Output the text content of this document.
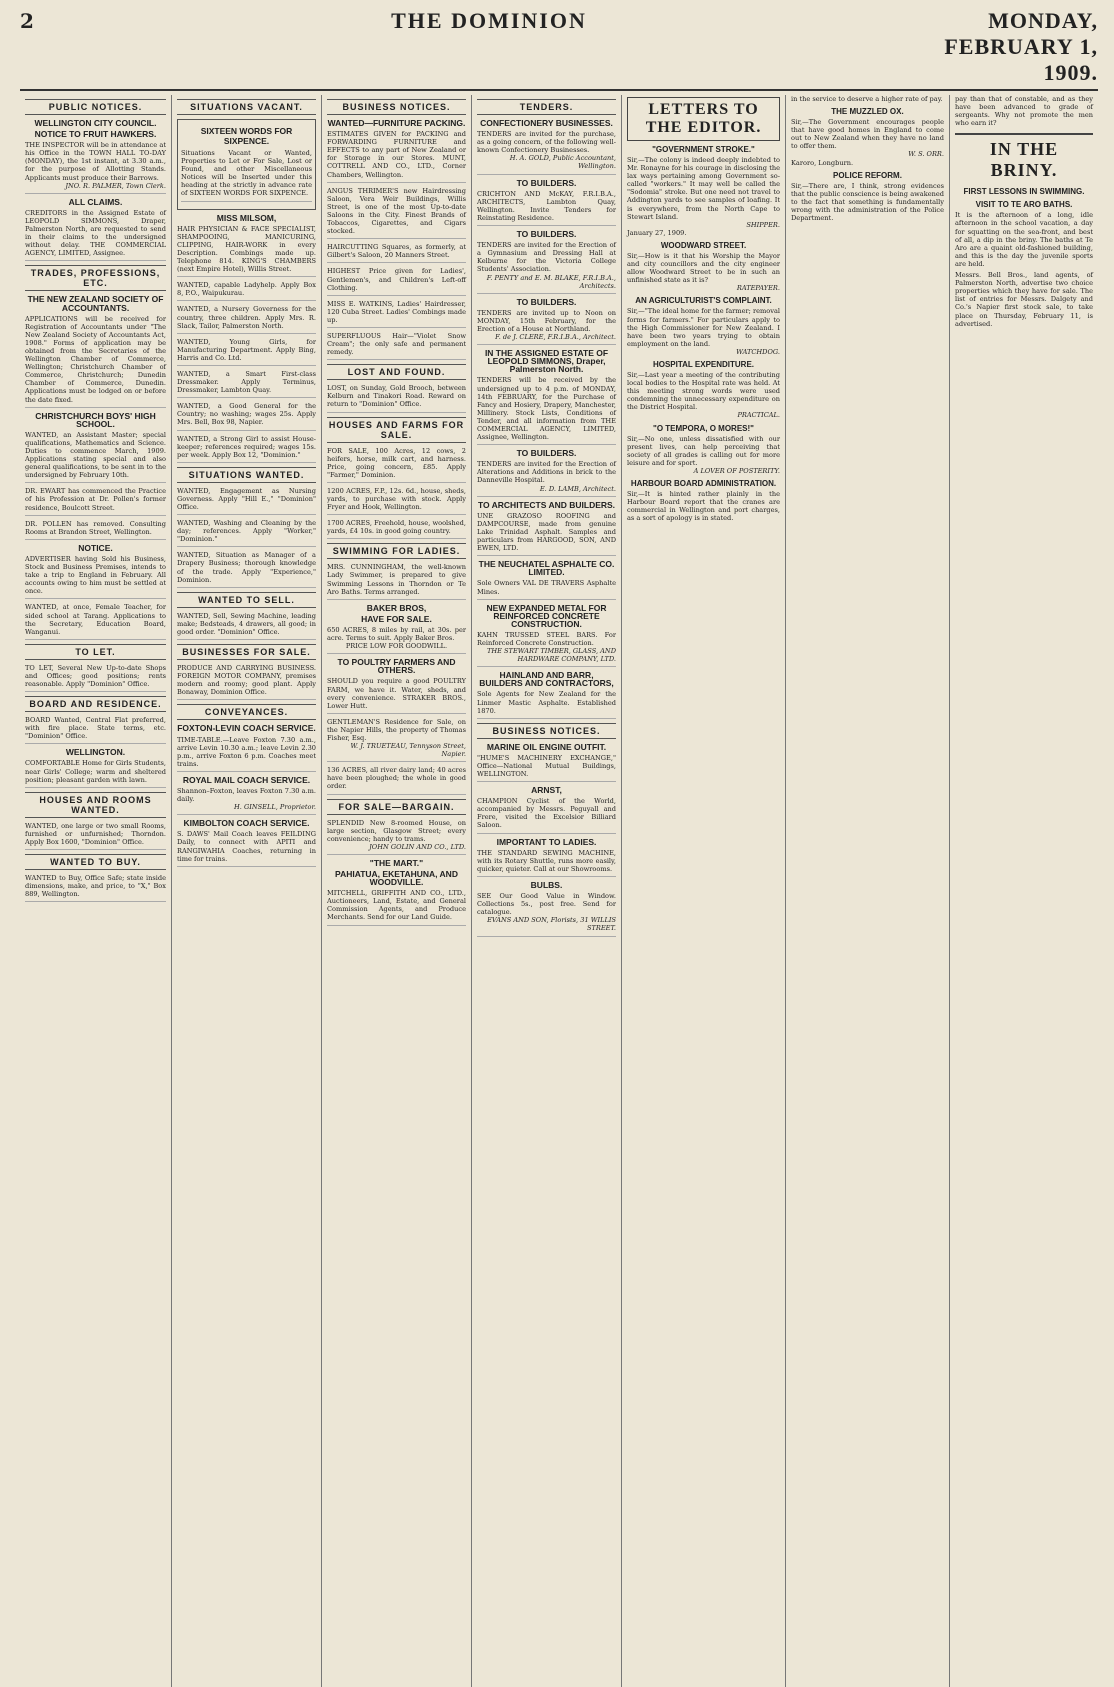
2	THE DOMINION	MONDAY, FEBRUARY 1, 1909.
PUBLIC NOTICES.
WELLINGTON CITY COUNCIL.
NOTICE TO FRUIT HAWKERS.
THE INSPECTOR will be in attendance at his Office in the TOWN HALL TO-DAY (MONDAY), the 1st instant, at 3.30 a.m., for the purpose of Allotting Stands. Applicants must produce their Barrows.
JNO. R. PALMER, Town Clerk.
ALL CLAIMS.
CREDITORS in the Assigned Estate of LEOPOLD SIMMONS, Draper, Palmerston North, are requested to send in their claims to the undersigned without delay. THE COMMERCIAL AGENCY, LIMITED, Assignee.
TRADES, PROFESSIONS, ETC.
THE NEW ZEALAND SOCIETY OF ACCOUNTANTS.
APPLICATIONS will be received for Registration of Accountants under "The New Zealand Society of Accountants Act, 1908." Forms of application may be obtained from the Secretaries of the Wellington Chamber of Commerce, Wellington; Christchurch Chamber of Commerce, Christchurch; Dunedin Chamber of Commerce, Dunedin. Applications must be lodged on or before the date fixed.
CHRISTCHURCH BOYS' HIGH SCHOOL.
WANTED, an Assistant Master; special qualifications, Mathematics and Science. Duties to commence March, 1909. Applications stating special and also general qualifications, to be sent in to the undersigned by February 10th.
DR. EWART has commenced the Practice of his Profession at Dr. Pollen's former residence, Boulcott Street.
DR. POLLEN has removed. Consulting Rooms at Brandon Street, Wellington.
NOTICE.
ADVERTISER having Sold his Business, Stock and Business Premises, intends to take a trip to England in February. All accounts owing to him must be settled at once.
WANTED, at once, Female Teacher, for sided school at Tarang. Applications to the Secretary, Education Board, Wanganui.
TO LET.
TO LET, Several New Up-to-date Shops and Offices; good positions; rents reasonable. Apply "Dominion" Office.
BOARD AND RESIDENCE.
BOARD Wanted, Central Flat preferred, with fire place. State terms, etc. "Dominion" Office.
WELLINGTON.
COMFORTABLE Home for Girls Students, near Girls' College; warm and sheltered position; pleasant garden with lawn.
HOUSES AND ROOMS WANTED.
WANTED, one large or two small Rooms, furnished or unfurnished; Thorndon. Apply Box 1600, "Dominion" Office.
WANTED TO BUY.
WANTED to Buy, Office Safe; state inside dimensions, make, and price, to "X," Box 889, Wellington.
SITUATIONS VACANT.
SIXTEEN WORDS FOR SIXPENCE.
Situations Vacant or Wanted, Properties to Let or For Sale, Lost or Found, and other Miscellaneous Notices will be Inserted under this heading at the strictly in advance rate of SIXTEEN WORDS FOR SIXPENCE.
MISS MILSOM,
HAIR PHYSICIAN & FACE SPECIALIST, SHAMPOOING, MANICURING, CLIPPING, HAIR-WORK in every Description. Combings made up. Telephone 814. KING'S CHAMBERS (next Empire Hotel), Willis Street.
WANTED, capable Ladyhelp. Apply Box 8, P.O., Waipukurau.
WANTED, a Nursery Governess for the country, three children. Apply Mrs. R. Slack, Tailor, Palmerston North.
WANTED, Young Girls, for Manufacturing Department. Apply Bing, Harris and Co. Ltd.
WANTED, a Smart First-class Dressmaker. Apply Terminus, Dressmaker, Lambton Quay.
WANTED, a Good General for the Country; no washing; wages 25s. Apply Mrs. Bell, Box 98, Napier.
WANTED, a Strong Girl to assist House-keeper; references required; wages 15s. per week. Apply Box 12, "Dominion."
SITUATIONS WANTED.
WANTED, Engagement as Nursing Governess. Apply "Hill E.," "Dominion" Office.
WANTED, Washing and Cleaning by the day; references. Apply "Worker," "Dominion."
WANTED, Situation as Manager of a Drapery Business; thorough knowledge of the trade. Apply "Experience," Dominion.
WANTED TO SELL.
WANTED, Sell, Sewing Machine, leading make; Bedsteads, 4 drawers, all good; in good order. "Dominion" Office.
BUSINESSES FOR SALE.
PRODUCE AND CARRYING BUSINESS. FOREIGN MOTOR COMPANY, premises modern and roomy; good plant. Apply Bonaway, Dominion Office.
CONVEYANCES.
FOXTON-LEVIN COACH SERVICE.
TIME-TABLE.—Leave Foxton 7.30 a.m., arrive Levin 10.30 a.m.; leave Levin 2.30 p.m., arrive Foxton 6 p.m. Coaches meet trains.
ROYAL MAIL COACH SERVICE.
Shannon–Foxton, leaves Foxton 7.30 a.m. daily.
H. GINSELL, Proprietor.
KIMBOLTON COACH SERVICE.
S. DAWS' Mail Coach leaves FEILDING Daily, to connect with APITI and RANGIWAHIA Coaches, returning in time for trains.
BUSINESS NOTICES.
WANTED—FURNITURE PACKING.
ESTIMATES GIVEN for PACKING and FORWARDING FURNITURE and EFFECTS to any part of New Zealand or for Storage in our Stores. MUNT, COTTRELL AND CO., LTD., Corner Chambers, Wellington.
ANGUS THRIMER'S new Hairdressing Saloon, Vera Weir Buildings, Willis Street, is one of the most Up-to-date Saloons in the City. Finest Brands of Tobaccos, Cigarettes, and Cigars stocked.
HAIRCUTTING Squares, as formerly, at Gilbert's Saloon, 20 Manners Street.
HIGHEST Price given for Ladies', Gentlemen's, and Children's Left-off Clothing.
MISS E. WATKINS, Ladies' Hairdresser, 120 Cuba Street. Ladies' Combings made up.
SUPERFLUOUS Hair—"Violet Snow Cream"; the only safe and permanent remedy.
LOST AND FOUND.
LOST, on Sunday, Gold Brooch, between Kelburn and Tinakori Road. Reward on return to "Dominion" Office.
HOUSES AND FARMS FOR SALE.
FOR SALE, 100 Acres, 12 cows, 2 heifers, horse, milk cart, and harness. Price, going concern, £85. Apply "Farmer," Dominion.
1200 ACRES, F.P., 12s. 6d., house, sheds, yards, to purchase with stock. Apply Fryer and Hook, Wellington.
1700 ACRES, Freehold, house, woolshed, yards, £4 10s. in good going country.
SWIMMING FOR LADIES.
MRS. CUNNINGHAM, the well-known Lady Swimmer, is prepared to give Swimming Lessons in Thorndon or Te Aro Baths. Terms arranged.
BAKER BROS,
HAVE FOR SALE.
650 ACRES, 8 miles by rail, at 30s. per acre. Terms to suit. Apply Baker Bros.
PRICE LOW FOR GOODWILL.
TO POULTRY FARMERS AND OTHERS.
SHOULD you require a good POULTRY FARM, we have it. Water, sheds, and every convenience. STRAKER BROS., Lower Hutt.
GENTLEMAN'S Residence for Sale, on the Napier Hills, the property of Thomas Fisher, Esq.
W. J. TRUETEAU, Tennyson Street, Napier.
136 ACRES, all river dairy land; 40 acres have been ploughed; the whole in good order.
FOR SALE—BARGAIN.
SPLENDID New 8-roomed House, on large section, Glasgow Street; every convenience; handy to trams.
JOHN GOLIN AND CO., LTD.
"THE MART."
PAHIATUA, EKETAHUNA, AND WOODVILLE.
MITCHELL, GRIFFITH AND CO., LTD., Auctioneers, Land, Estate, and General Commission Agents, and Produce Merchants. Send for our Land Guide.
TENDERS.
CONFECTIONERY BUSINESSES.
TENDERS are invited for the purchase, as a going concern, of the following well-known Confectionery Businesses.
H. A. GOLD, Public Accountant, Wellington.
TO BUILDERS.
CRICHTON AND McKAY, F.R.I.B.A., ARCHITECTS, Lambton Quay, Wellington. Invite Tenders for Reinstating Residence.
TO BUILDERS.
TENDERS are invited for the Erection of a Gymnasium and Dressing Hall at Kelburne for the Victoria College Students' Association.
F. PENTY and E. M. BLAKE, F.R.I.B.A., Architects.
TO BUILDERS.
TENDERS are invited up to Noon on MONDAY, 15th February, for the Erection of a House at Northland.
F. de J. CLERE, F.R.I.B.A., Architect.
IN THE ASSIGNED ESTATE OF LEOPOLD SIMMONS, Draper, Palmerston North.
TENDERS will be received by the undersigned up to 4 p.m. of MONDAY, 14th FEBRUARY, for the Purchase of Fancy and Hosiery, Drapery, Manchester, Millinery. Stock Lists, Conditions of Tender, and all information from THE COMMERCIAL AGENCY, LIMITED, Assignee, Wellington.
TO BUILDERS.
TENDERS are invited for the Erection of Alterations and Additions in brick to the Danneville Hospital.
E. D. LAMB, Architect.
TO ARCHITECTS AND BUILDERS.
UNE GRAZOSO ROOFING and DAMPCOURSE, made from genuine Lake Trinidad Asphalt. Samples and particulars from HARGOOD, SON, AND EWEN, LTD.
THE NEUCHATEL ASPHALTE CO. LIMITED.
Sole Owners VAL DE TRAVERS Asphalte Mines.
NEW EXPANDED METAL FOR REINFORCED CONCRETE CONSTRUCTION.
KAHN TRUSSED STEEL BARS. For Reinforced Concrete Construction.
THE STEWART TIMBER, GLASS, AND HARDWARE COMPANY, LTD.
HAINLAND AND BARR, BUILDERS AND CONTRACTORS,
Sole Agents for New Zealand for the Linmer Mastic Asphalte. Established 1870.
BUSINESS NOTICES.
MARINE OIL ENGINE OUTFIT.
"HUME'S MACHINERY EXCHANGE," Office—National Mutual Buildings, WELLINGTON.
ARNST,
CHAMPION Cyclist of the World, accompanied by Messrs. Peguyall and Frere, visited the Excelsior Billiard Saloon.
IMPORTANT TO LADIES.
THE STANDARD SEWING MACHINE, with its Rotary Shuttle, runs more easily, quicker, quieter. Call at our Showrooms.
BULBS.
SEE Our Good Value in Window. Collections 5s., post free. Send for catalogue.
EVANS AND SON, Florists, 31 WILLIS STREET.
LETTERS TO THE EDITOR.
"GOVERNMENT STROKE."
Sir,—The colony is indeed deeply indebted to Mr. Ronayne for his courage in disclosing the lax ways pertaining among Government so-called "workers." It may well be called the "Sodomia" stroke. But one need not travel to Addington yards to see samples of loafing. It is everywhere, from the North Cape to Stewart Island.
SHIPPER.
January 27, 1909.
WOODWARD STREET.
Sir,—How is it that his Worship the Mayor and city councillors and the city engineer allow Woodward Street to be in such an unfinished state as it is?
RATEPAYER.
AN AGRICULTURIST'S COMPLAINT.
Sir,—"The ideal home for the farmer; removal forms for farmers." For particulars apply to the High Commissioner for New Zealand. I have been two years trying to obtain employment on the land.
WATCHDOG.
HOSPITAL EXPENDITURE.
Sir,—Last year a meeting of the contributing local bodies to the Hospital rate was held. At this meeting strong words were used condemning the unnecessary expenditure on the District Hospital.
PRACTICAL.
"O TEMPORA, O MORES!"
Sir,—No one, unless dissatisfied with our present lives, can help perceiving that society of all grades is calling out for more leisure and for sport.
A LOVER OF POSTERITY.
HARBOUR BOARD ADMINISTRATION.
Sir,—It is hinted rather plainly in the Harbour Board report that the cranes are commercial in Wellington and port charges, as a sort of apology is in stated.
in the service to deserve a higher rate of pay.
THE MUZZLED OX.
Sir,—The Government encourages people that have good homes in England to come out to New Zealand when they have no land to offer them.
W. S. ORR.
Karoro, Longburn.
POLICE REFORM.
Sir,—There are, I think, strong evidences that the public conscience is being awakened to the fact that something is fundamentally wrong with the administration of the Police Department.
pay than that of constable, and as they have been advanced to grade of sergeants. Why not promote the men who earn it?
IN THE BRINY.
FIRST LESSONS IN SWIMMING.
VISIT TO TE ARO BATHS.
It is the afternoon of a long, idle afternoon in the school vacation, a day for squatting on the sea-front, and best of all, a dip in the briny. The baths at Te Aro are a quaint old-fashioned building, and this is the day the juvenile sports are held.
Messrs. Bell Bros., land agents, of Palmerston North, advertise two choice properties which they have for sale. The list of entries for Messrs. Dalgety and Co.'s Napier first stock sale, to take place on Thursday, February 11, is advertised.
